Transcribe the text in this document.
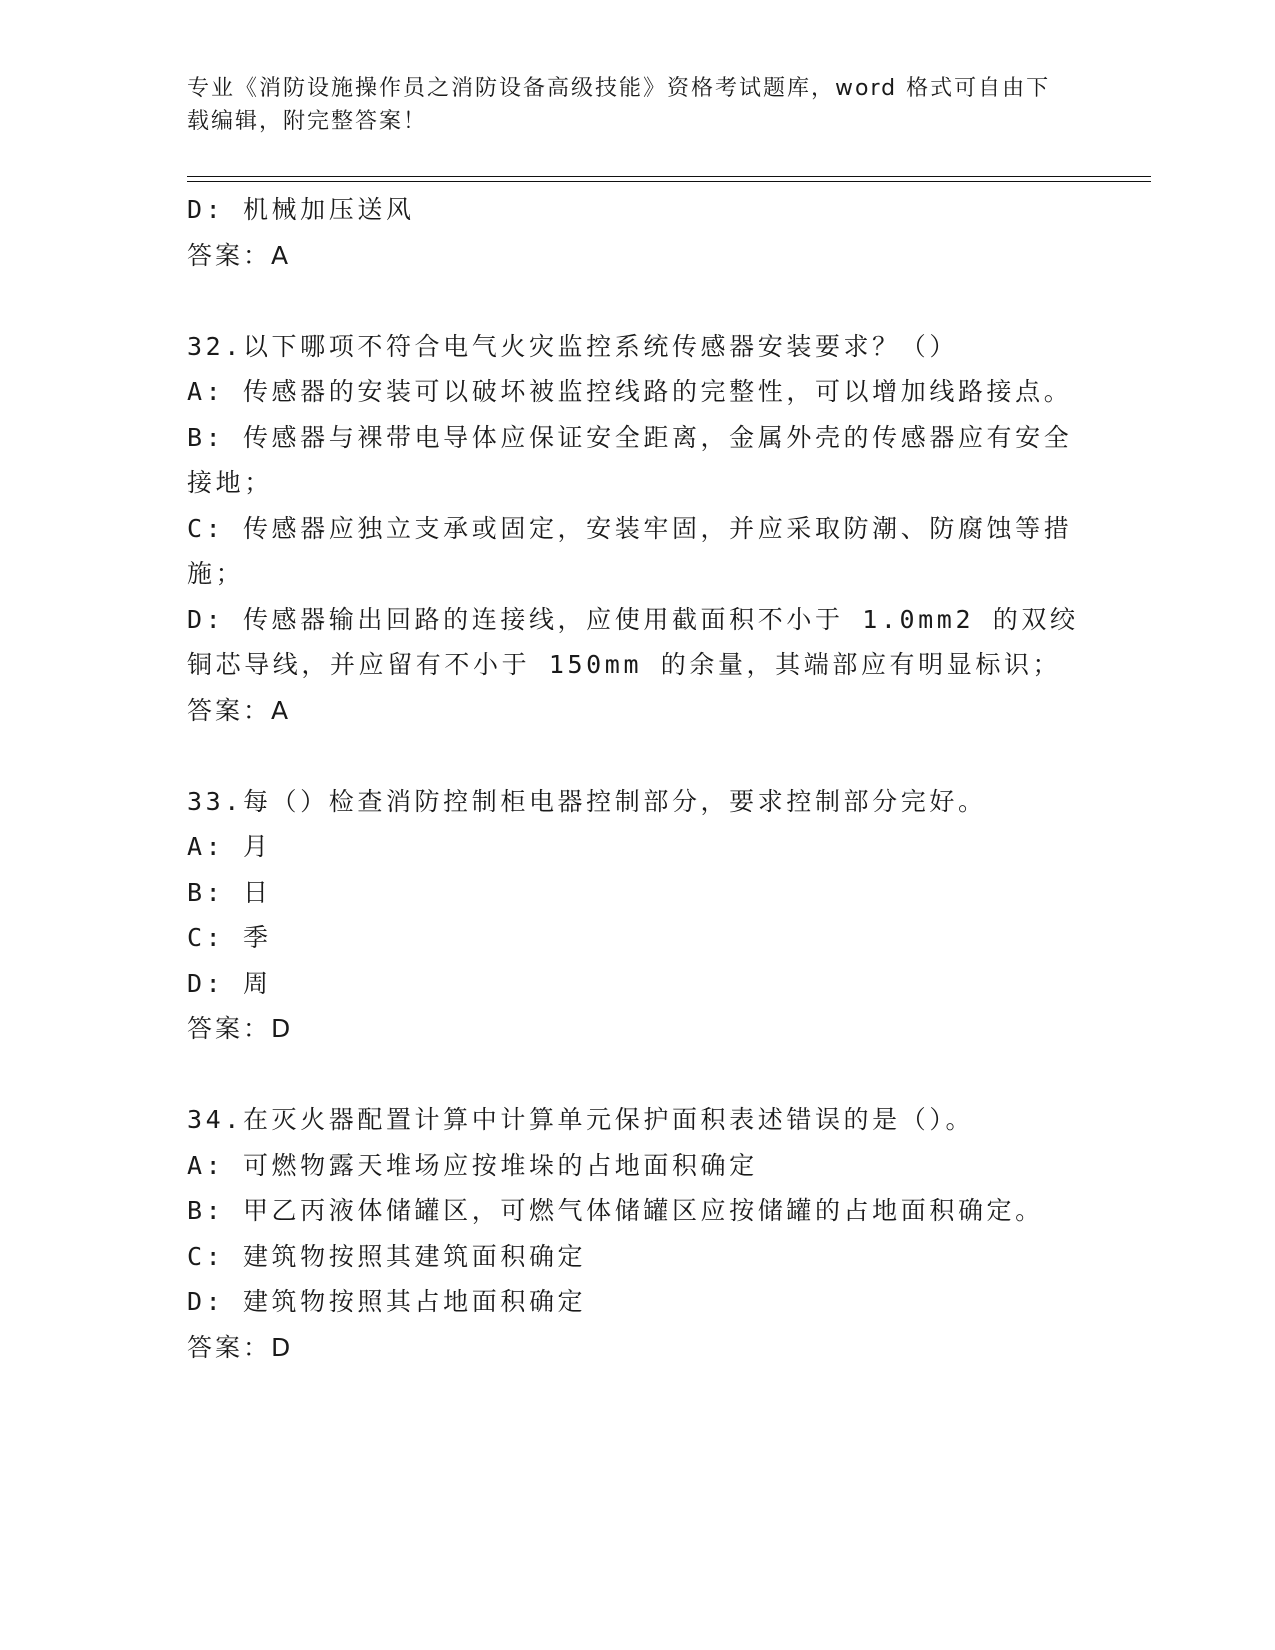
专业《消防设施操作员之消防设备高级技能》资格考试题库，word 格式可自由下载编辑，附完整答案！
D: 机械加压送风
答案：A
32.以下哪项不符合电气火灾监控系统传感器安装要求？（）
A: 传感器的安装可以破坏被监控线路的完整性，可以增加线路接点。
B: 传感器与裸带电导体应保证安全距离，金属外壳的传感器应有安全接地；
C: 传感器应独立支承或固定，安装牢固，并应采取防潮、防腐蚀等措施；
D: 传感器输出回路的连接线，应使用截面积不小于 1.0mm2 的双绞铜芯导线，并应留有不小于 150mm 的余量，其端部应有明显标识；
答案：A
33.每（）检查消防控制柜电器控制部分，要求控制部分完好。
A: 月
B: 日
C: 季
D: 周
答案：D
34.在灭火器配置计算中计算单元保护面积表述错误的是（）。
A: 可燃物露天堆场应按堆垛的占地面积确定
B: 甲乙丙液体储罐区，可燃气体储罐区应按储罐的占地面积确定。
C: 建筑物按照其建筑面积确定
D: 建筑物按照其占地面积确定
答案：D
